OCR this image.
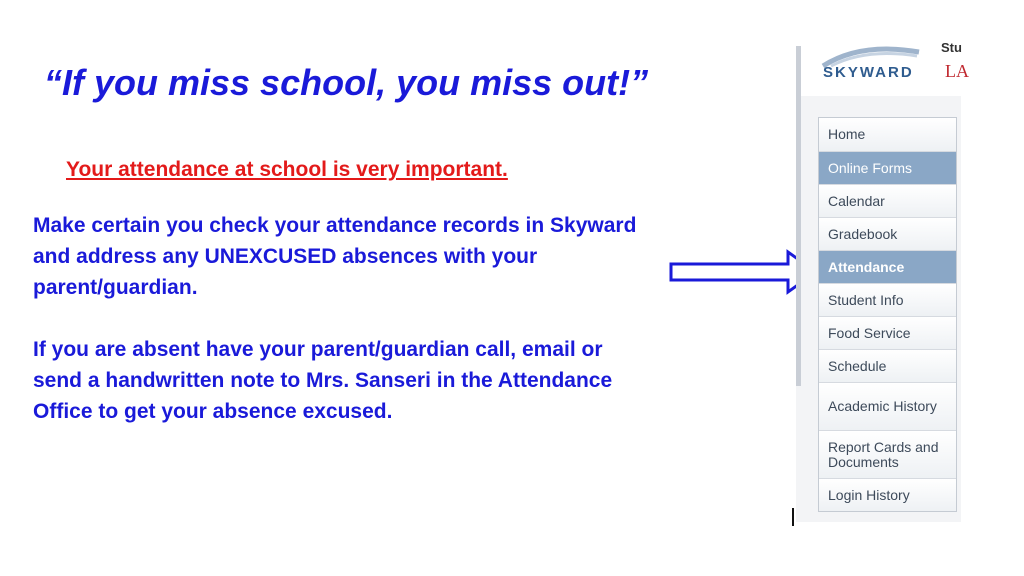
“If you miss school, you miss out!”
Your attendance at school is very important.
Make certain you check your attendance records in Skyward and address any UNEXCUSED absences with your parent/guardian.
If you are absent have your parent/guardian call, email or send a handwritten note to Mrs. Sanseri in the Attendance Office to get your absence excused.
SKYWARD
Stu
LA
Home
Online Forms
Calendar
Gradebook
Attendance
Student Info
Food Service
Schedule
Academic History
Report Cards and Documents
Login History
